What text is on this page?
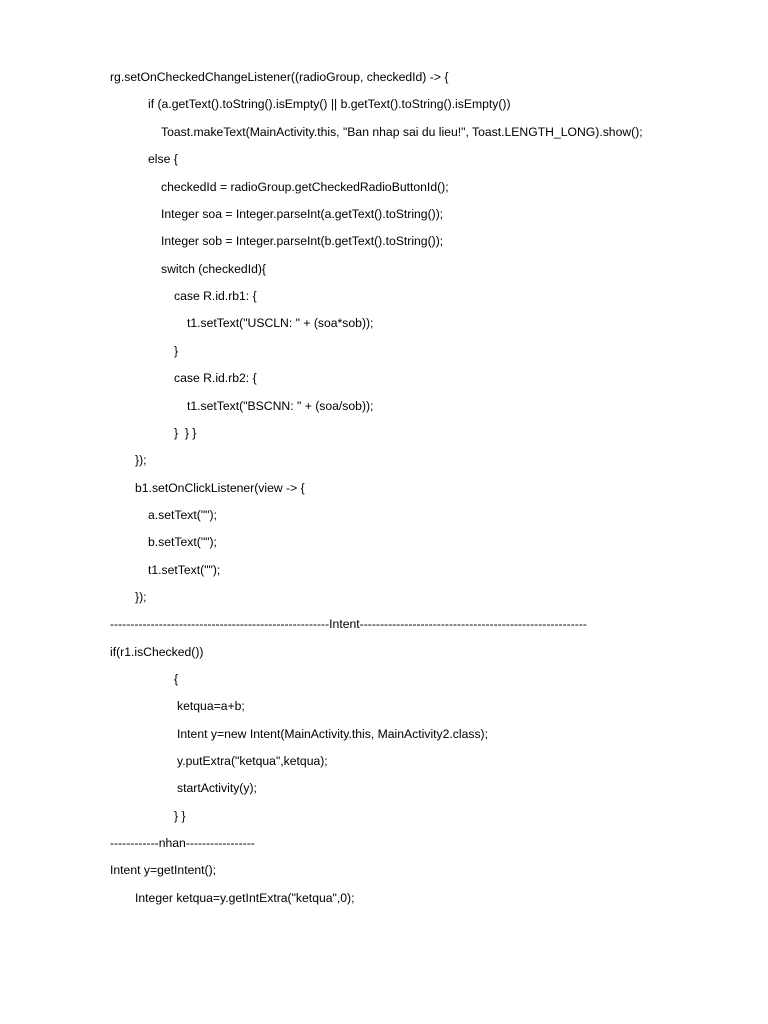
rg.setOnCheckedChangeListener((radioGroup, checkedId) -> {
if (a.getText().toString().isEmpty() || b.getText().toString().isEmpty())
Toast.makeText(MainActivity.this, "Ban nhap sai du lieu!", Toast.LENGTH_LONG).show();
else {
checkedId = radioGroup.getCheckedRadioButtonId();
Integer soa = Integer.parseInt(a.getText().toString());
Integer sob = Integer.parseInt(b.getText().toString());
switch (checkedId){
case R.id.rb1: {
t1.setText("USCLN: " + (soa*sob));
}
case R.id.rb2: {
t1.setText("BSCNN: " + (soa/sob));
}  } }
});
b1.setOnClickListener(view -> {
a.setText("");
b.setText("");
t1.setText("");
});
------------------------------------------------------Intent--------------------------------------------------------
if(r1.isChecked())
{
ketqua=a+b;
Intent y=new Intent(MainActivity.this, MainActivity2.class);
y.putExtra("ketqua",ketqua);
startActivity(y);
} }
------------nhan-----------------
Intent y=getIntent();
Integer ketqua=y.getIntExtra("ketqua",0);
